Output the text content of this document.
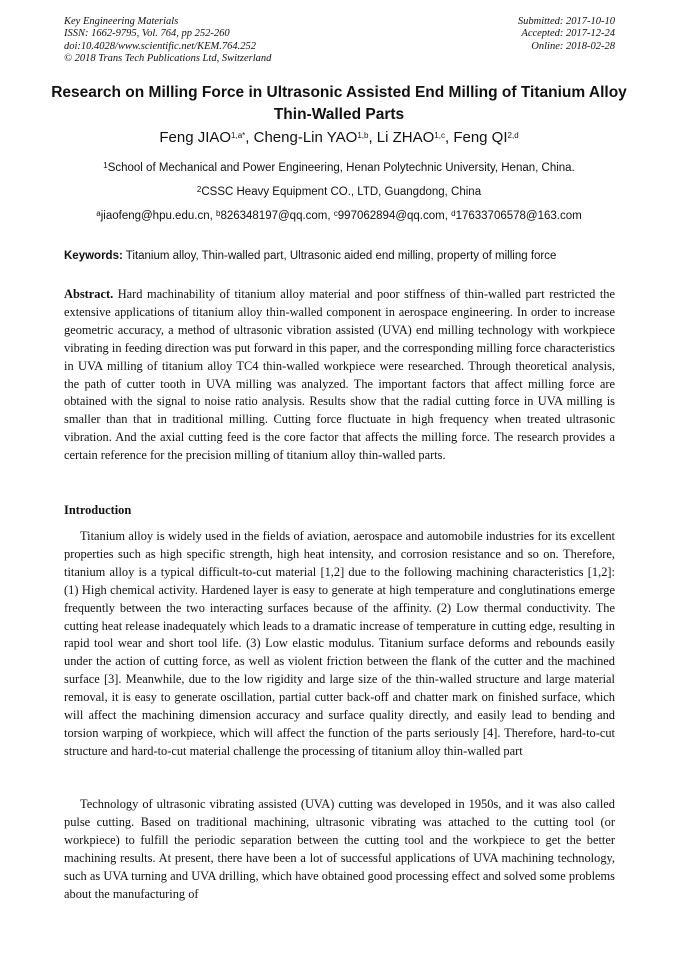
Key Engineering Materials
ISSN: 1662-9795, Vol. 764, pp 252-260
doi:10.4028/www.scientific.net/KEM.764.252
© 2018 Trans Tech Publications Ltd, Switzerland
Submitted: 2017-10-10
Accepted: 2017-12-24
Online: 2018-02-28
Research on Milling Force in Ultrasonic Assisted End Milling of Titanium Alloy Thin-Walled Parts
Feng $JIAO^{1,a*}$, Cheng-Lin YAO$^{1,b}$, Li ZHAO$^{1,c}$, Feng QI$^{2,d}$
$^1$School of Mechanical and Power Engineering, Henan Polytechnic University, Henan, China.
$^2$CSSC Heavy Equipment CO., LTD, Guangdong, China
$^a$jiaofeng@hpu.edu.cn, $^b$826348197@qq.com, $^c$997062894@qq.com, $^d$17633706578@163.com
Keywords: Titanium alloy, Thin-walled part, Ultrasonic aided end milling, property of milling force
Abstract. Hard machinability of titanium alloy material and poor stiffness of thin-walled part restricted the extensive applications of titanium alloy thin-walled component in aerospace engineering. In order to increase geometric accuracy, a method of ultrasonic vibration assisted (UVA) end milling technology with workpiece vibrating in feeding direction was put forward in this paper, and the corresponding milling force characteristics in UVA milling of titanium alloy TC4 thin-walled workpiece were researched. Through theoretical analysis, the path of cutter tooth in UVA milling was analyzed. The important factors that affect milling force are obtained with the signal to noise ratio analysis. Results show that the radial cutting force in UVA milling is smaller than that in traditional milling. Cutting force fluctuate in high frequency when treated ultrasonic vibration. And the axial cutting feed is the core factor that affects the milling force. The research provides a certain reference for the precision milling of titanium alloy thin-walled parts.
Introduction
Titanium alloy is widely used in the fields of aviation, aerospace and automobile industries for its excellent properties such as high specific strength, high heat intensity, and corrosion resistance and so on. Therefore, titanium alloy is a typical difficult-to-cut material [1,2] due to the following machining characteristics [1,2]: (1) High chemical activity. Hardened layer is easy to generate at high temperature and conglutinations emerge frequently between the two interacting surfaces because of the affinity. (2) Low thermal conductivity. The cutting heat release inadequately which leads to a dramatic increase of temperature in cutting edge, resulting in rapid tool wear and short tool life. (3) Low elastic modulus. Titanium surface deforms and rebounds easily under the action of cutting force, as well as violent friction between the flank of the cutter and the machined surface [3]. Meanwhile, due to the low rigidity and large size of the thin-walled structure and large material removal, it is easy to generate oscillation, partial cutter back-off and chatter mark on finished surface, which will affect the machining dimension accuracy and surface quality directly, and easily lead to bending and torsion warping of workpiece, which will affect the function of the parts seriously [4]. Therefore, hard-to-cut structure and hard-to-cut material challenge the processing of titanium alloy thin-walled part
Technology of ultrasonic vibrating assisted (UVA) cutting was developed in 1950s, and it was also called pulse cutting. Based on traditional machining, ultrasonic vibrating was attached to the cutting tool (or workpiece) to fulfill the periodic separation between the cutting tool and the workpiece to get the better machining results. At present, there have been a lot of successful applications of UVA machining technology, such as UVA turning and UVA drilling, which have obtained good processing effect and solved some problems about the manufacturing of
